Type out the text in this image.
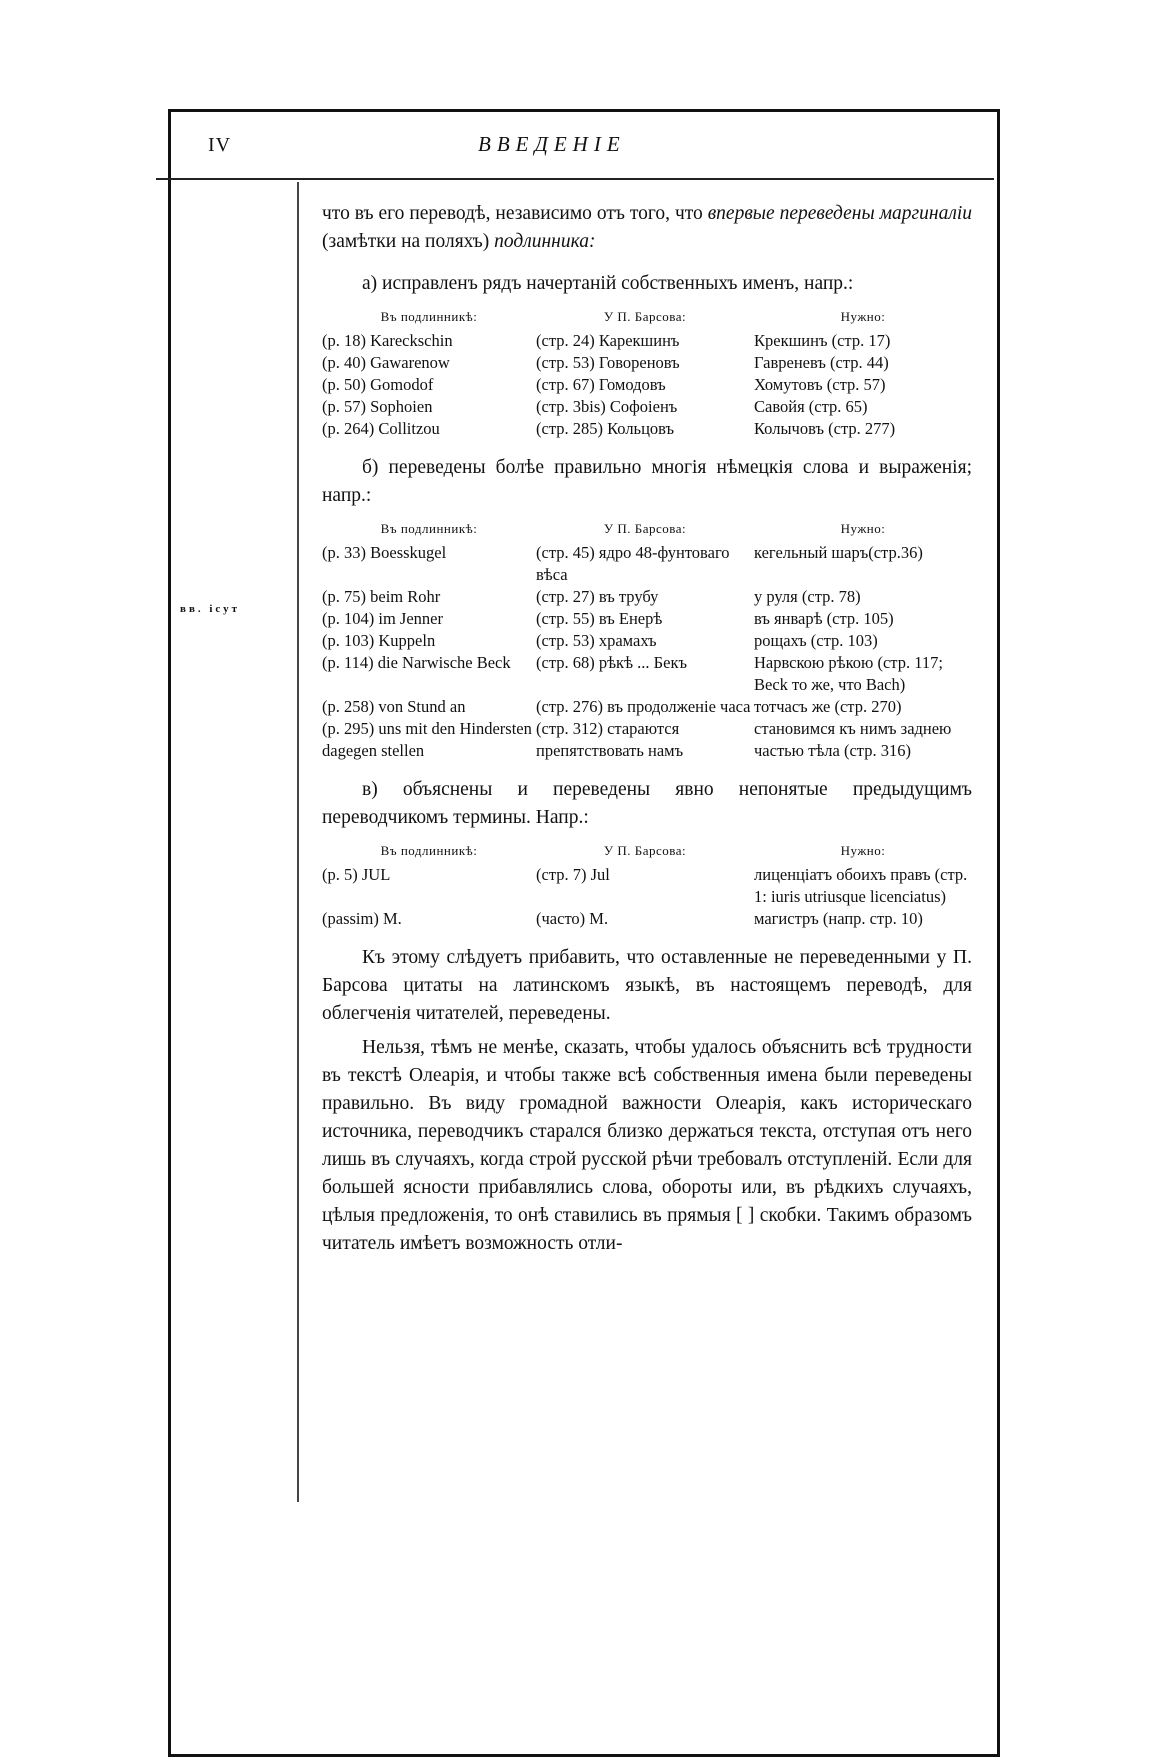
IV	ВВЕДЕНІЕ
вв. ісут

что въ его переводѣ, независимо отъ того, что впервые переведены маргиналіи (замѣтки на поляхъ) подлинника:

а) исправленъ рядъ начертаній собственныхъ именъ, напр.:

Въ подлинникѣ:	У П. Барсова:	Нужно:
(p. 18) Kareckschin	(стр. 24) Карекшинъ	Крекшинъ (стр. 17)
(p. 40) Gawarenow	(стр. 53) Говореновъ	Гавреневъ (стр. 44)
(p. 50) Gomodof	(стр. 67) Гомодовъ	Хомутовъ (стр. 57)
(p. 57) Sophoien	(стр. 3bis) Софоіенъ	Савойя (стр. 65)
(p. 264) Collitzou	(стр. 285) Кольцовъ	Колычовъ (стр. 277)

б) переведены болѣе правильно многія нѣмецкія слова и выраженія; напр.:

Въ подлинникѣ:	У П. Барсова:	Нужно:
(p. 33) Boesskugel	(стр. 45) ядро 48-фунтоваго вѣса	кегельный шаръ(стр.36)
(p. 75) beim Rohr	(стр. 27) въ трубу	у руля (стр. 78)
(p. 104) im Jenner	(стр. 55) въ Енерѣ	въ январѣ (стр. 105)
(p. 103) Kuppeln	(стр. 53) храмахъ	рощахъ (стр. 103)
(p. 114) die Narwische Beck	(стр. 68) рѣкѣ ... Бекъ	Нарвскою рѣкою (стр. 117; Beck то же, что Bach)
(p. 258) von Stund an	(стр. 276) въ продолженіе часа	тотчасъ же (стр. 270)
(p. 295) uns mit den Hindersten dagegen stellen	(стр. 312) стараются препятствовать намъ	становимся къ нимъ заднею частью тѣла (стр. 316)

в) объяснены и переведены явно непонятые предыдущимъ переводчикомъ термины. Напр.:

Въ подлинникѣ:	У П. Барсова:	Нужно:
(p. 5) JUL	(стр. 7) Jul	лиценціатъ обоихъ правъ (стр. 1: iuris utriusque licenciatus)
(passim) M.	(часто) M.	магистръ (напр. стр. 10)

Къ этому слѣдуетъ прибавить, что оставленные не переведенными у П. Барсова цитаты на латинскомъ языкѣ, въ настоящемъ переводѣ, для облегченія читателей, переведены.

Нельзя, тѣмъ не менѣе, сказать, чтобы удалось объяснить всѣ трудности въ текстѣ Олеарія, и чтобы также всѣ собственныя имена были переведены правильно. Въ виду громадной важности Олеарія, какъ историческаго источника, переводчикъ старался близко держаться текста, отступая отъ него лишь въ случаяхъ, когда строй русской рѣчи требовалъ отступленій. Если для большей ясности прибавлялись слова, обороты или, въ рѣдкихъ случаяхъ, цѣлыя предложенія, то онѣ ставились въ прямыя [ ] скобки. Такимъ образомъ читатель имѣетъ возможность отли-
